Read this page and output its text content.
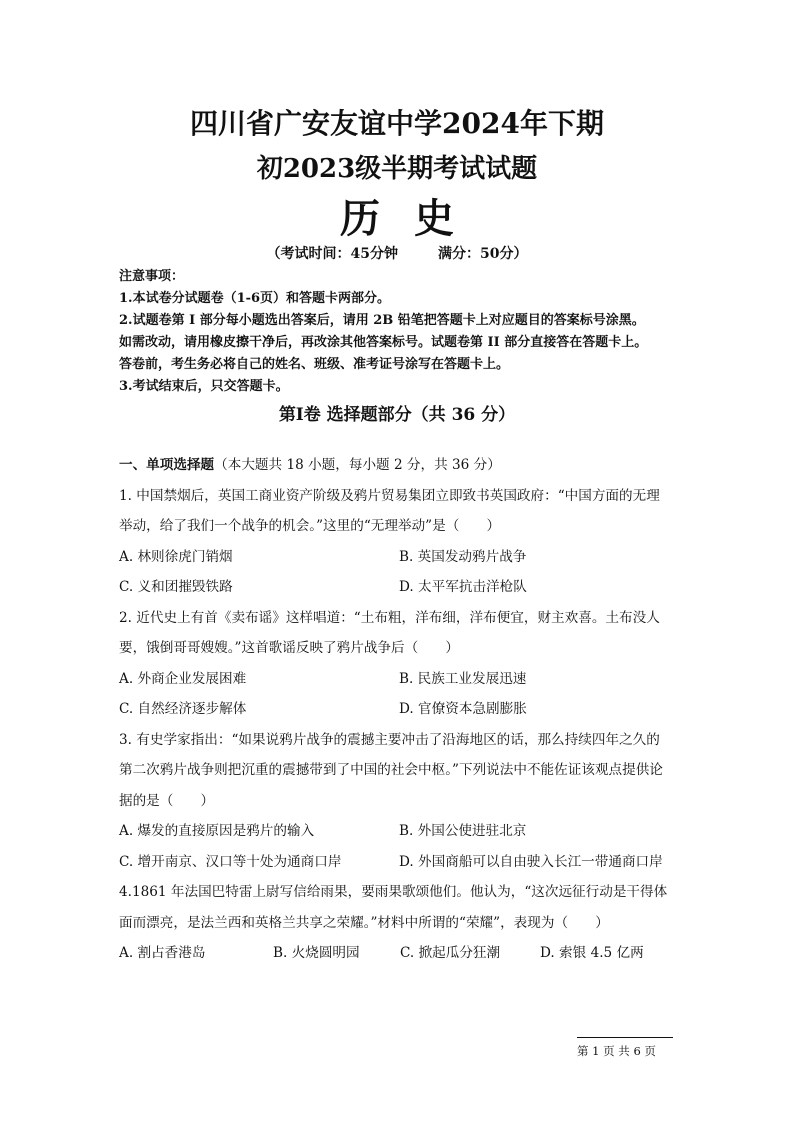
四川省广安友谊中学2024年下期
初2023级半期考试试题
历史
（考试时间：45分钟	满分：50分）
注意事项：
1.本试卷分试题卷（1-6页）和答题卡两部分。
2.试题卷第 I 部分每小题选出答案后，请用 2B 铅笔把答题卡上对应题目的答案标号涂黑。
如需改动，请用橡皮擦干净后，再改涂其他答案标号。试题卷第 II 部分直接答在答题卡上。
答卷前，考生务必将自己的姓名、班级、准考证号涂写在答题卡上。
3.考试结束后，只交答题卡。
第Ⅰ卷 选择题部分（共 36 分）
一、单项选择题（本大题共 18 小题，每小题 2 分，共 36 分）
1. 中国禁烟后，英国工商业资产阶级及鸦片贸易集团立即致书英国政府：“中国方面的无理
举动，给了我们一个战争的机会。”这里的“无理举动”是（　　）
A. 林则徐虎门销烟	B. 英国发动鸦片战争
C. 义和团摧毁铁路	D. 太平军抗击洋枪队
2. 近代史上有首《卖布谣》这样唱道：“土布粗，洋布细，洋布便宜，财主欢喜。土布没人
要，饿倒哥哥嫂嫂。”这首歌谣反映了鸦片战争后（　　）
A. 外商企业发展困难	B. 民族工业发展迅速
C. 自然经济逐步解体	D. 官僚资本急剧膨胀
3. 有史学家指出：“如果说鸦片战争的震撼主要冲击了沿海地区的话，那么持续四年之久的
第二次鸦片战争则把沉重的震撼带到了中国的社会中枢。”下列说法中不能佐证该观点提供论
据的是（　　）
A. 爆发的直接原因是鸦片的输入	B. 外国公使进驻北京
C. 增开南京、汉口等十处为通商口岸	D. 外国商船可以自由驶入长江一带通商口岸
4.1861 年法国巴特雷上尉写信给雨果，要雨果歌颂他们。他认为，“这次远征行动是干得体
面而漂亮，是法兰西和英格兰共享之荣耀。”材料中所谓的“荣耀”，表现为（　　）
A. 割占香港岛	B. 火烧圆明园	C. 掀起瓜分狂潮	D. 索银 4.5 亿两
第 1 页 共 6 页
